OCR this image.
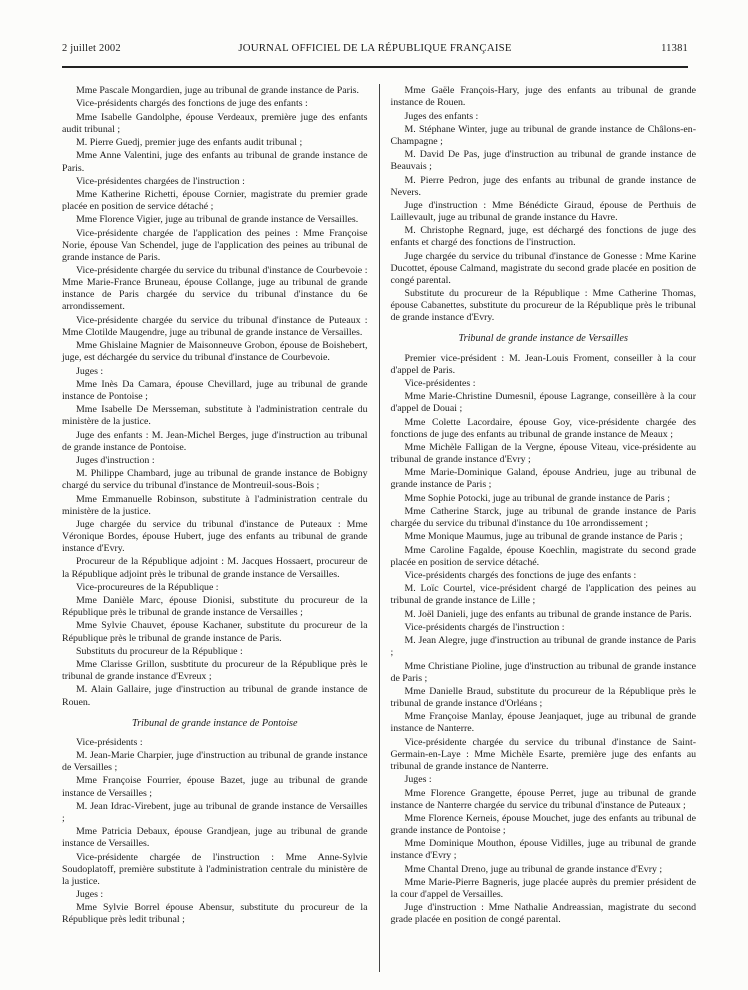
2 juillet 2002	JOURNAL OFFICIEL DE LA RÉPUBLIQUE FRANÇAISE	11381

Mme Pascale Mongardien, juge au tribunal de grande instance de Paris.

Vice-présidents chargés des fonctions de juge des enfants :

Mme Isabelle Gandolphe, épouse Verdeaux, première juge des enfants audit tribunal ;

M. Pierre Guedj, premier juge des enfants audit tribunal ;

Mme Anne Valentini, juge des enfants au tribunal de grande instance de Paris.

Vice-présidentes chargées de l'instruction :

Mme Katherine Richetti, épouse Cornier, magistrate du premier grade placée en position de service détaché ;

Mme Florence Vigier, juge au tribunal de grande instance de Versailles.

Vice-présidente chargée de l'application des peines : Mme Françoise Norie, épouse Van Schendel, juge de l'application des peines au tribunal de grande instance de Paris.

Vice-présidente chargée du service du tribunal d'instance de Courbevoie : Mme Marie-France Bruneau, épouse Collange, juge au tribunal de grande instance de Paris chargée du service du tribunal d'instance du 6e arrondissement.

Vice-présidente chargée du service du tribunal d'instance de Puteaux : Mme Clotilde Maugendre, juge au tribunal de grande instance de Versailles.

Mme Ghislaine Magnier de Maisonneuve Grobon, épouse de Boishebert, juge, est déchargée du service du tribunal d'instance de Courbevoie.

Juges :

Mme Inès Da Camara, épouse Chevillard, juge au tribunal de grande instance de Pontoise ;

Mme Isabelle De Mersseman, substitute à l'administration centrale du ministère de la justice.

Juge des enfants : M. Jean-Michel Berges, juge d'instruction au tribunal de grande instance de Pontoise.

Juges d'instruction :

M. Philippe Chambard, juge au tribunal de grande instance de Bobigny chargé du service du tribunal d'instance de Montreuil-sous-Bois ;

Mme Emmanuelle Robinson, substitute à l'administration centrale du ministère de la justice.

Juge chargée du service du tribunal d'instance de Puteaux : Mme Véronique Bordes, épouse Hubert, juge des enfants au tribunal de grande instance d'Evry.

Procureur de la République adjoint : M. Jacques Hossaert, procureur de la République adjoint près le tribunal de grande instance de Versailles.

Vice-procureures de la République :

Mme Danièle Marc, épouse Dionisi, substitute du procureur de la République près le tribunal de grande instance de Versailles ;

Mme Sylvie Chauvet, épouse Kachaner, substitute du procureur de la République près le tribunal de grande instance de Paris.

Substituts du procureur de la République :

Mme Clarisse Grillon, susbtitute du procureur de la République près le tribunal de grande instance d'Evreux ;

M. Alain Gallaire, juge d'instruction au tribunal de grande instance de Rouen.

Tribunal de grande instance de Pontoise

Vice-présidents :

M. Jean-Marie Charpier, juge d'instruction au tribunal de grande instance de Versailles ;

Mme Françoise Fourrier, épouse Bazet, juge au tribunal de grande instance de Versailles ;

M. Jean Idrac-Virebent, juge au tribunal de grande instance de Versailles ;

Mme Patricia Debaux, épouse Grandjean, juge au tribunal de grande instance de Versailles.

Vice-présidente chargée de l'instruction : Mme Anne-Sylvie Soudoplatoff, première substitute à l'administration centrale du ministère de la justice.

Juges :

Mme Sylvie Borrel épouse Abensur, substitute du procureur de la République près ledit tribunal ;

Mme Gaële François-Hary, juge des enfants au tribunal de grande instance de Rouen.

Juges des enfants :

M. Stéphane Winter, juge au tribunal de grande instance de Châlons-en-Champagne ;

M. David De Pas, juge d'instruction au tribunal de grande instance de Beauvais ;

M. Pierre Pedron, juge des enfants au tribunal de grande instance de Nevers.

Juge d'instruction : Mme Bénédicte Giraud, épouse de Perthuis de Laillevault, juge au tribunal de grande instance du Havre.

M. Christophe Regnard, juge, est déchargé des fonctions de juge des enfants et chargé des fonctions de l'instruction.

Juge chargée du service du tribunal d'instance de Gonesse : Mme Karine Ducottet, épouse Calmand, magistrate du second grade placée en position de congé parental.

Substitute du procureur de la République : Mme Catherine Thomas, épouse Cabanettes, substitute du procureur de la République près le tribunal de grande instance d'Evry.

Tribunal de grande instance de Versailles

Premier vice-président : M. Jean-Louis Froment, conseiller à la cour d'appel de Paris.

Vice-présidentes :

Mme Marie-Christine Dumesnil, épouse Lagrange, conseillère à la cour d'appel de Douai ;

Mme Colette Lacordaire, épouse Goy, vice-présidente chargée des fonctions de juge des enfants au tribunal de grande instance de Meaux ;

Mme Michèle Falligan de la Vergne, épouse Viteau, vice-présidente au tribunal de grande instance d'Evry ;

Mme Marie-Dominique Galand, épouse Andrieu, juge au tribunal de grande instance de Paris ;

Mme Sophie Potocki, juge au tribunal de grande instance de Paris ;

Mme Catherine Starck, juge au tribunal de grande instance de Paris chargée du service du tribunal d'instance du 10e arrondissement ;

Mme Monique Maumus, juge au tribunal de grande instance de Paris ;

Mme Caroline Fagalde, épouse Koechlin, magistrate du second grade placée en position de service détaché.

Vice-présidents chargés des fonctions de juge des enfants :

M. Loïc Courtel, vice-président chargé de l'application des peines au tribunal de grande instance de Lille ;

M. Joël Danieli, juge des enfants au tribunal de grande instance de Paris.

Vice-présidents chargés de l'instruction :

M. Jean Alegre, juge d'instruction au tribunal de grande instance de Paris ;

Mme Christiane Pioline, juge d'instruction au tribunal de grande instance de Paris ;

Mme Danielle Braud, substitute du procureur de la République près le tribunal de grande instance d'Orléans ;

Mme Françoise Manlay, épouse Jeanjaquet, juge au tribunal de grande instance de Nanterre.

Vice-présidente chargée du service du tribunal d'instance de Saint-Germain-en-Laye : Mme Michèle Esarte, première juge des enfants au tribunal de grande instance de Nanterre.

Juges :

Mme Florence Grangette, épouse Perret, juge au tribunal de grande instance de Nanterre chargée du service du tribunal d'instance de Puteaux ;

Mme Florence Kerneis, épouse Mouchet, juge des enfants au tribunal de grande instance de Pontoise ;

Mme Dominique Mouthon, épouse Vidilles, juge au tribunal de grande instance d'Evry ;

Mme Chantal Dreno, juge au tribunal de grande instance d'Evry ;

Mme Marie-Pierre Bagneris, juge placée auprès du premier président de la cour d'appel de Versailles.

Juge d'instruction : Mme Nathalie Andreassian, magistrate du second grade placée en position de congé parental.
